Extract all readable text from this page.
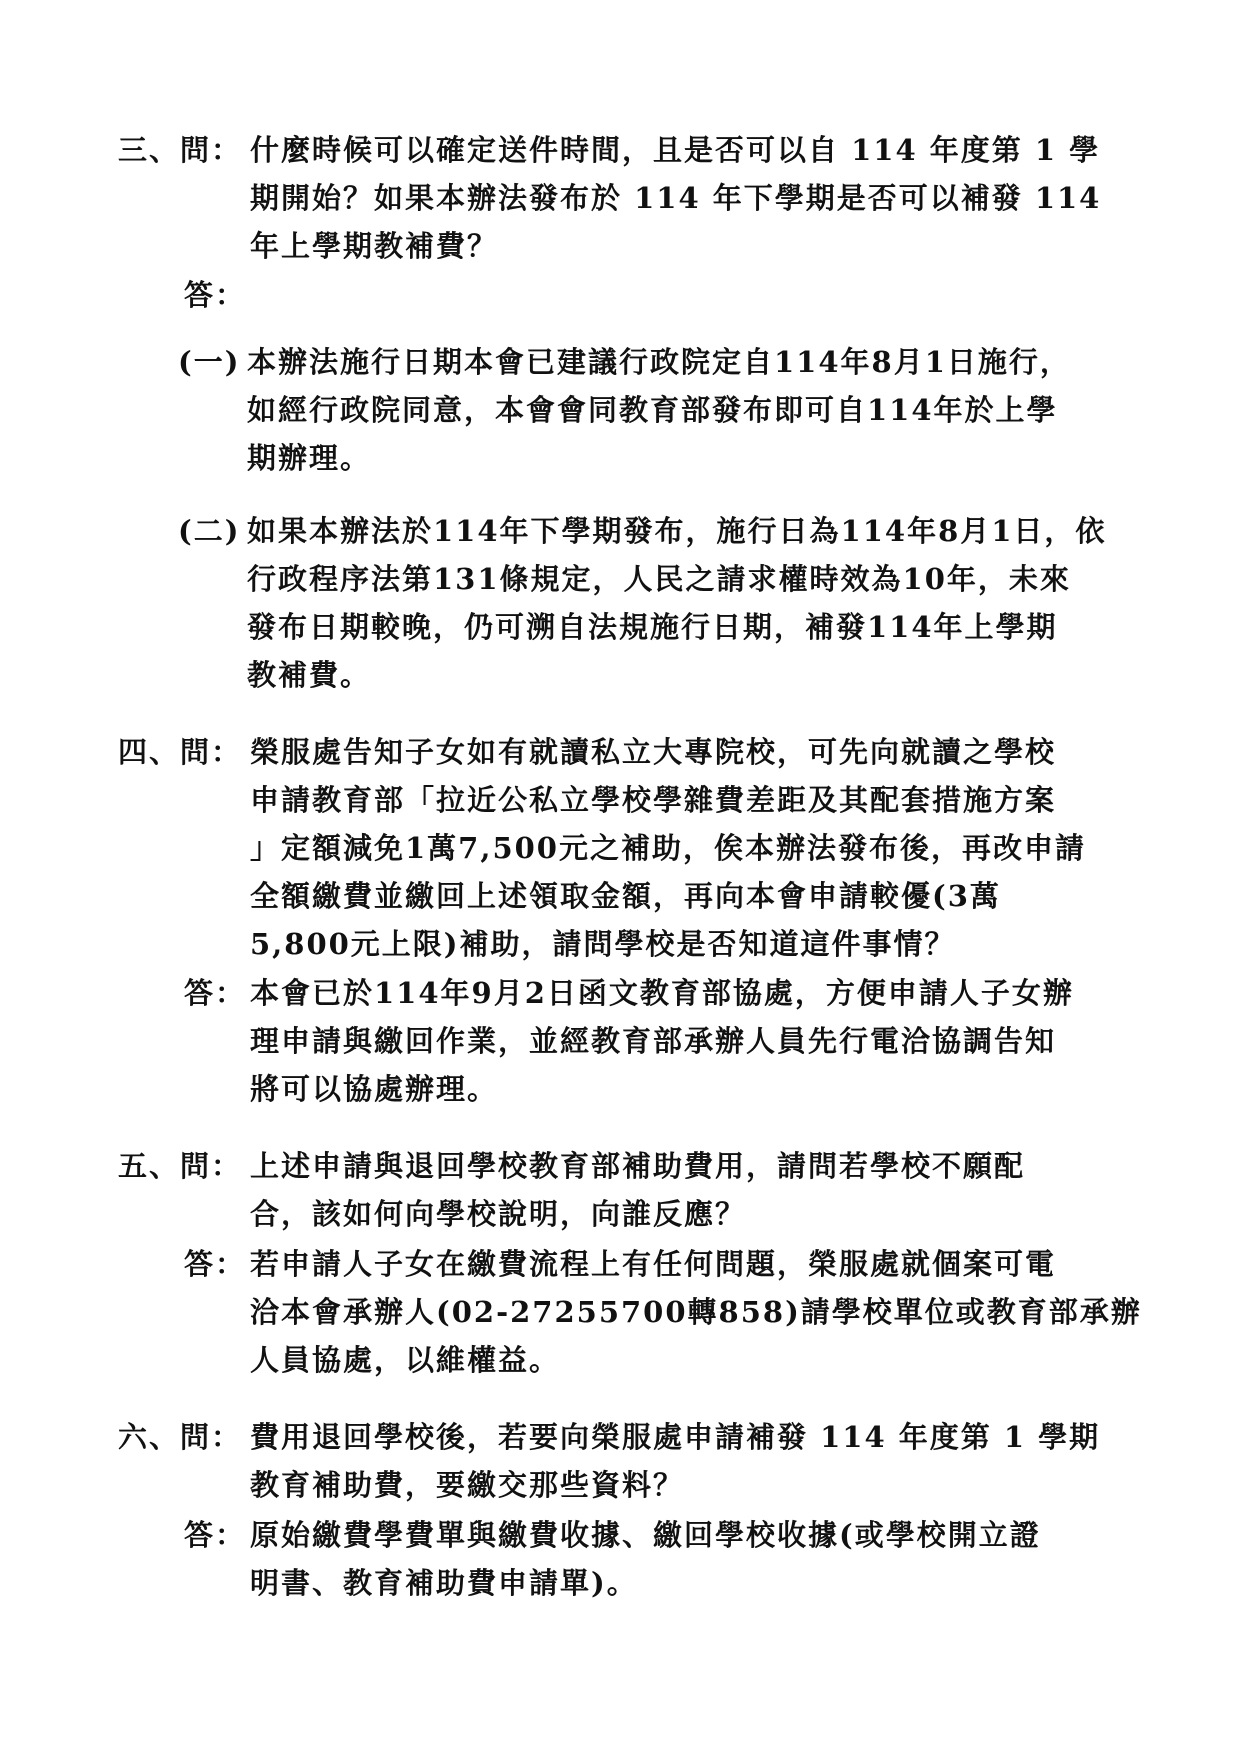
三、問： 什麼時候可以確定送件時間，且是否可以自 114 年度第 1 學
期開始？如果本辦法發布於 114 年下學期是否可以補發 114
年上學期教補費？
答：
(一) 本辦法施行日期本會已建議行政院定自114年8月1日施行，
如經行政院同意，本會會同教育部發布即可自114年於上學
期辦理。
(二) 如果本辦法於114年下學期發布，施行日為114年8月1日，依
行政程序法第131條規定，人民之請求權時效為10年，未來
發布日期較晚，仍可溯自法規施行日期，補發114年上學期
教補費。
四、問： 榮服處告知子女如有就讀私立大專院校，可先向就讀之學校
申請教育部「拉近公私立學校學雜費差距及其配套措施方案
」定額減免1萬7,500元之補助，俟本辦法發布後，再改申請
全額繳費並繳回上述領取金額，再向本會申請較優(3萬
5,800元上限)補助，請問學校是否知道這件事情？
答： 本會已於114年9月2日函文教育部協處，方便申請人子女辦
理申請與繳回作業，並經教育部承辦人員先行電洽協調告知
將可以協處辦理。
五、問： 上述申請與退回學校教育部補助費用，請問若學校不願配
合，該如何向學校說明，向誰反應？
答： 若申請人子女在繳費流程上有任何問題，榮服處就個案可電
洽本會承辦人(02-27255700轉858)請學校單位或教育部承辦
人員協處，以維權益。
六、問： 費用退回學校後，若要向榮服處申請補發 114 年度第 1 學期
教育補助費，要繳交那些資料？
答： 原始繳費學費單與繳費收據、繳回學校收據(或學校開立證
明書、教育補助費申請單)。
